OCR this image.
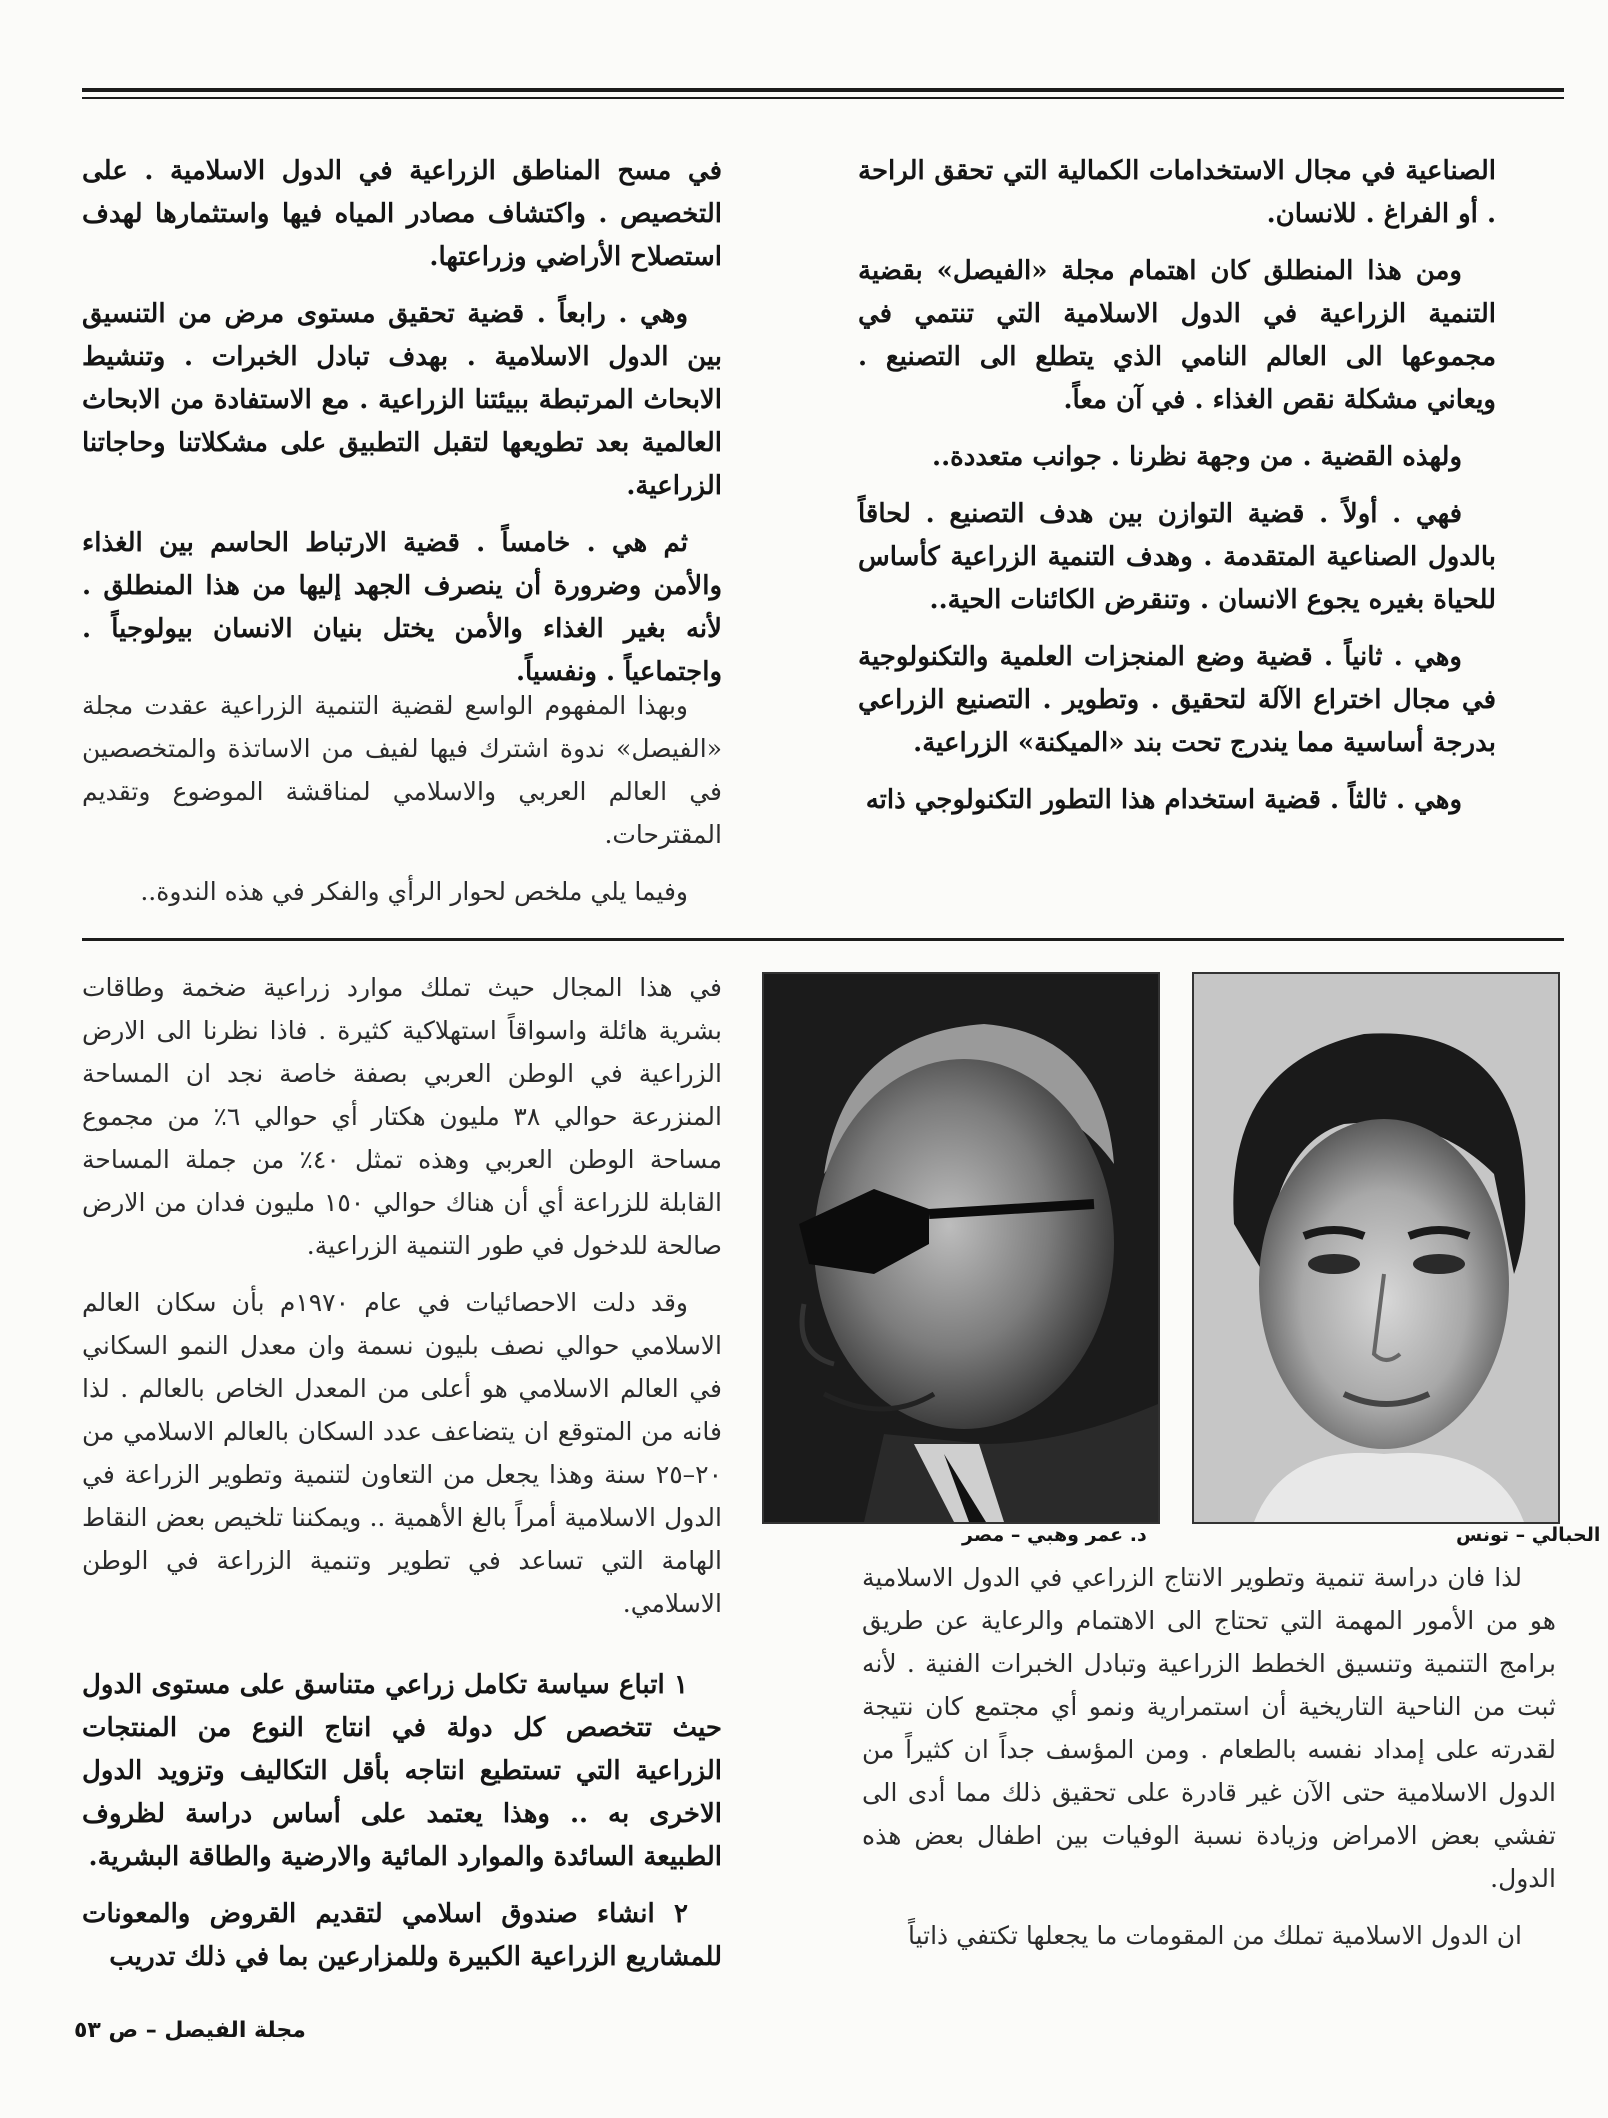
الصناعية في مجال الاستخدامات الكمالية التي تحقق الراحة . أو الفراغ . للانسان.

ومن هذا المنطلق كان اهتمام مجلة «الفيصل» بقضية التنمية الزراعية في الدول الاسلامية التي تنتمي في مجموعها الى العالم النامي الذي يتطلع الى التصنيع . ويعاني مشكلة نقص الغذاء . في آن معاً.

ولهذه القضية . من وجهة نظرنا . جوانب متعددة..

فهي . أولاً . قضية التوازن بين هدف التصنيع . لحاقاً بالدول الصناعية المتقدمة . وهدف التنمية الزراعية كأساس للحياة بغيره يجوع الانسان . وتنقرض الكائنات الحية..

وهي . ثانياً . قضية وضع المنجزات العلمية والتكنولوجية في مجال اختراع الآلة لتحقيق . وتطوير . التصنيع الزراعي بدرجة أساسية مما يندرج تحت بند «الميكنة» الزراعية.

وهي . ثالثاً . قضية استخدام هذا التطور التكنولوجي ذاته

في مسح المناطق الزراعية في الدول الاسلامية . على التخصيص . واكتشاف مصادر المياه فيها واستثمارها لهدف استصلاح الأراضي وزراعتها.

وهي . رابعاً . قضية تحقيق مستوى مرض من التنسيق بين الدول الاسلامية . بهدف تبادل الخبرات . وتنشيط الابحاث المرتبطة ببيئتنا الزراعية . مع الاستفادة من الابحاث العالمية بعد تطويعها لتقبل التطبيق على مشكلاتنا وحاجاتنا الزراعية.

ثم هي . خامساً . قضية الارتباط الحاسم بين الغذاء والأمن وضرورة أن ينصرف الجهد إليها من هذا المنطلق . لأنه بغير الغذاء والأمن يختل بنيان الانسان بيولوجياً . واجتماعياً . ونفسياً.

وبهذا المفهوم الواسع لقضية التنمية الزراعية عقدت مجلة «الفيصل» ندوة اشترك فيها لفيف من الاساتذة والمتخصصين في العالم العربي والاسلامي لمناقشة الموضوع وتقديم المقترحات.

وفيما يلي ملخص لحوار الرأي والفكر في هذه الندوة..

د. عمر وهبي – مصر	الحبالي – تونس

في هذا المجال حيث تملك موارد زراعية ضخمة وطاقات بشرية هائلة واسواقاً استهلاكية كثيرة . فاذا نظرنا الى الارض الزراعية في الوطن العربي بصفة خاصة نجد ان المساحة المنزرعة حوالي ٣٨ مليون هكتار أي حوالي ٦٪ من مجموع مساحة الوطن العربي وهذه تمثل ٤٠٪ من جملة المساحة القابلة للزراعة أي أن هناك حوالي ١٥٠ مليون فدان من الارض صالحة للدخول في طور التنمية الزراعية.

وقد دلت الاحصائيات في عام ١٩٧٠م بأن سكان العالم الاسلامي حوالي نصف بليون نسمة وان معدل النمو السكاني في العالم الاسلامي هو أعلى من المعدل الخاص بالعالم . لذا فانه من المتوقع ان يتضاعف عدد السكان بالعالم الاسلامي من ٢٠–٢٥ سنة وهذا يجعل من التعاون لتنمية وتطوير الزراعة في الدول الاسلامية أمراً بالغ الأهمية .. ويمكننا تلخيص بعض النقاط الهامة التي تساعد في تطوير وتنمية الزراعة في الوطن الاسلامي.

١ اتباع سياسة تكامل زراعي متناسق على مستوى الدول حيث تتخصص كل دولة في انتاج النوع من المنتجات الزراعية التي تستطيع انتاجه بأقل التكاليف وتزويد الدول الاخرى به .. وهذا يعتمد على أساس دراسة لظروف الطبيعة السائدة والموارد المائية والارضية والطاقة البشرية.

٢ انشاء صندوق اسلامي لتقديم القروض والمعونات للمشاريع الزراعية الكبيرة وللمزارعين بما في ذلك تدريب

لذا فان دراسة تنمية وتطوير الانتاج الزراعي في الدول الاسلامية هو من الأمور المهمة التي تحتاج الى الاهتمام والرعاية عن طريق برامج التنمية وتنسيق الخطط الزراعية وتبادل الخبرات الفنية . لأنه ثبت من الناحية التاريخية أن استمرارية ونمو أي مجتمع كان نتيجة لقدرته على إمداد نفسه بالطعام . ومن المؤسف جداً ان كثيراً من الدول الاسلامية حتى الآن غير قادرة على تحقيق ذلك مما أدى الى تفشي بعض الامراض وزيادة نسبة الوفيات بين اطفال بعض هذه الدول.

ان الدول الاسلامية تملك من المقومات ما يجعلها تكتفي ذاتياً

مجلة الفيصل – ص ٥٣
